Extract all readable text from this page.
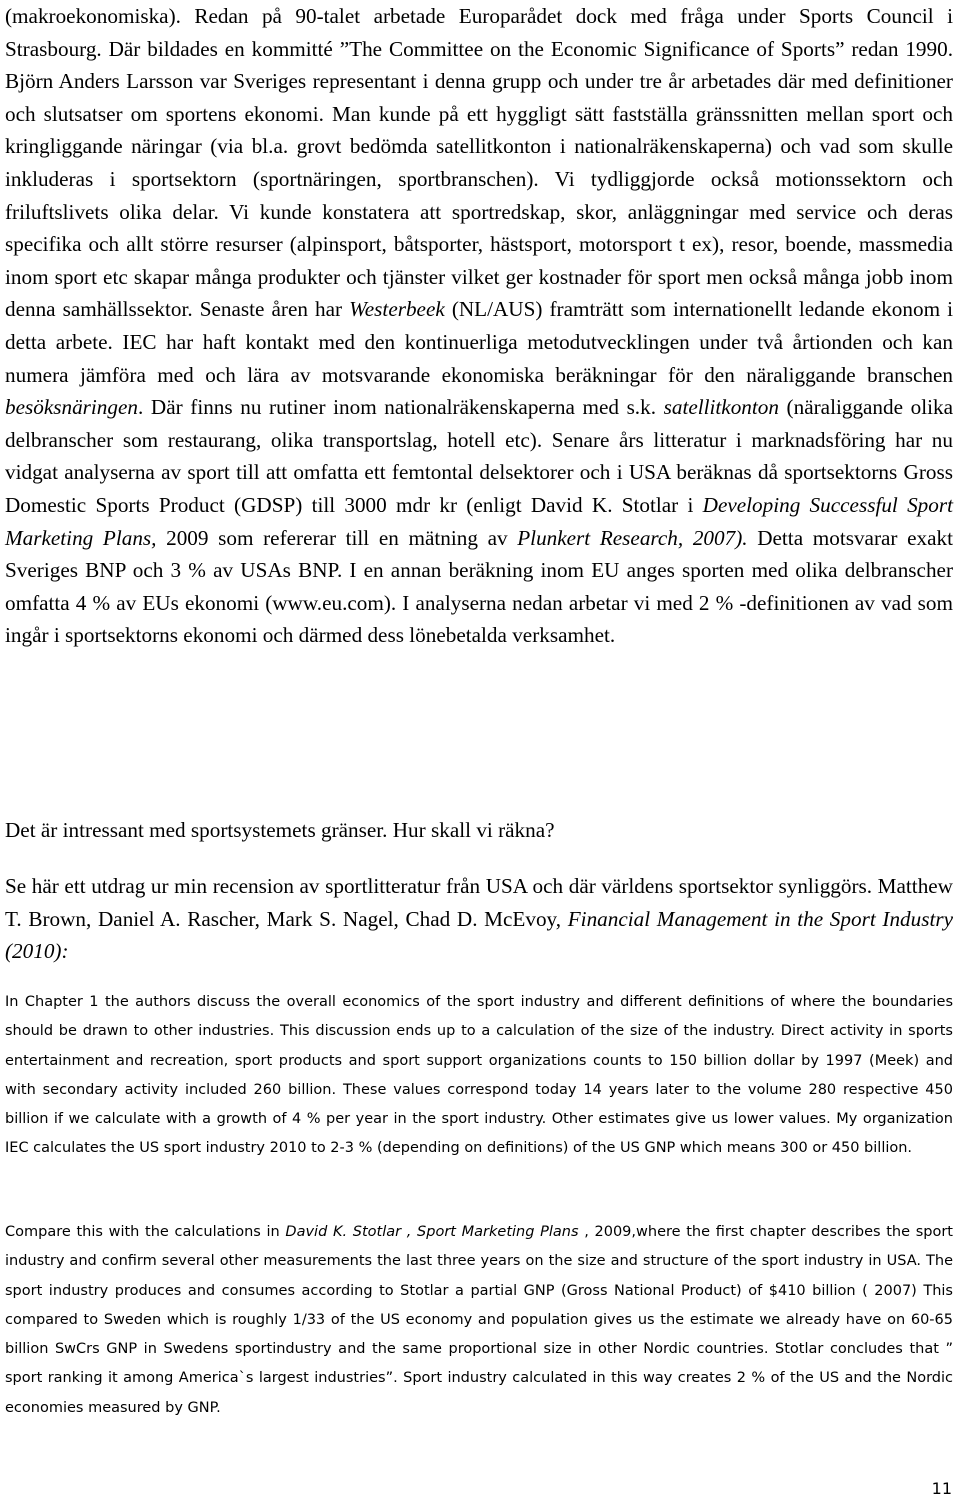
(makroekonomiska). Redan på 90-talet arbetade Europarådet dock med fråga under Sports Council i Strasbourg. Där bildades en kommitté ”The Committee on the Economic Significance of Sports” redan 1990. Björn Anders Larsson var Sveriges representant i denna grupp och under tre år arbetades där med definitioner och slutsatser om sportens ekonomi. Man kunde på ett hyggligt sätt fastställa gränssnitten mellan sport och kringliggande näringar (via bl.a. grovt bedömda satellitkonton i nationalräkenskaperna) och vad som skulle inkluderas i sportsektorn (sportnäringen, sportbranschen). Vi tydliggjorde också motionssektorn och friluftslivets olika delar. Vi kunde konstatera att sportredskap, skor, anläggningar med service och deras specifika och allt större resurser (alpinsport, båtsporter, hästsport, motorsport t ex), resor, boende, massmedia inom sport etc skapar många produkter och tjänster vilket ger kostnader för sport men också många jobb inom denna samhällssektor. Senaste åren har Westerbeek (NL/AUS) framträtt som internationellt ledande ekonom i detta arbete. IEC har haft kontakt med den kontinuerliga metodutvecklingen under två årtionden och kan numera jämföra med och lära av motsvarande ekonomiska beräkningar för den näraliggande branschen besöksnäringen. Där finns nu rutiner inom nationalräkenskaperna med s.k. satellitkonton (näraliggande olika delbranscher som restaurang, olika transportslag, hotell etc). Senare års litteratur i marknadsföring har nu vidgat analyserna av sport till att omfatta ett femtontal delsektorer och i USA beräknas då sportsektorns Gross Domestic Sports Product (GDSP) till 3000 mdr kr (enligt David K. Stotlar i Developing Successful Sport Marketing Plans, 2009 som refererar till en mätning av Plunkert Research, 2007). Detta motsvarar exakt Sveriges BNP och 3 % av USAs BNP. I en annan beräkning inom EU anges sporten med olika delbranscher omfatta 4 % av EUs ekonomi (www.eu.com). I analyserna nedan arbetar vi med 2 % -definitionen av vad som ingår i sportsektorns ekonomi och därmed dess lönebetalda verksamhet.

Det är intressant med sportsystemets gränser. Hur skall vi räkna?

Se här ett utdrag ur min recension av sportlitteratur från USA och där världens sportsektor synliggörs. Matthew T. Brown, Daniel A. Rascher, Mark S. Nagel, Chad D. McEvoy, Financial Management in the Sport Industry (2010):

In Chapter 1 the authors discuss the overall economics of the sport industry and different definitions of where the boundaries should be drawn to other industries. This discussion ends up to a calculation of the size of the industry. Direct activity in sports entertainment and recreation, sport products and sport support organizations counts to 150 billion dollar by 1997 (Meek) and with secondary activity included 260 billion. These values correspond today 14 years later to the volume 280 respective 450 billion if we calculate with a growth of 4 % per year in the sport industry. Other estimates give us lower values. My organization IEC calculates the US sport industry 2010 to 2-3 % (depending on definitions) of the US GNP which means 300 or 450 billion.

Compare this with the calculations in David K. Stotlar , Sport Marketing Plans , 2009,where the first chapter describes the sport industry and confirm several other measurements the last three years on the size and structure of the sport industry in USA. The sport industry produces and consumes according to Stotlar a partial GNP (Gross National Product) of $410 billion ( 2007) This compared to Sweden which is roughly 1/33 of the US economy and population gives us the estimate we already have on 60-65 billion SwCrs GNP in Swedens sportindustry and the same proportional size in other Nordic countries. Stotlar concludes that ” sport ranking it among America`s largest industries”. Sport industry calculated in this way creates 2 % of the US and the Nordic economies measured by GNP.

11
